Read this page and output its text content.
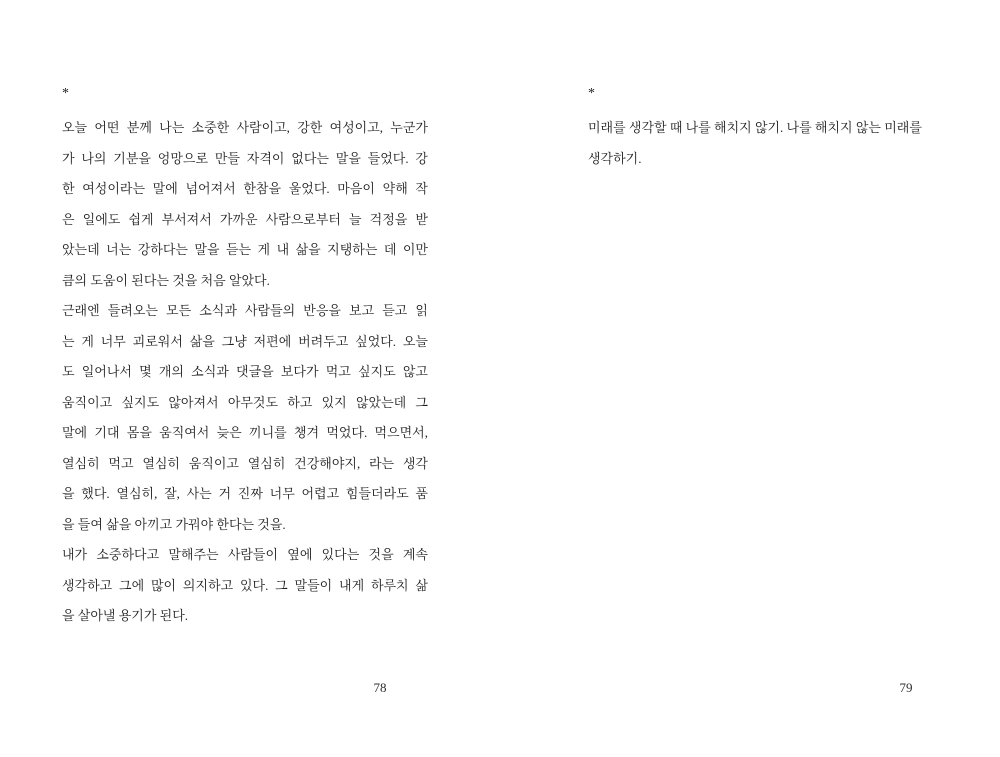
*
오늘 어떤 분께 나는 소중한 사람이고, 강한 여성이고, 누군가
가 나의 기분을 엉망으로 만들 자격이 없다는 말을 들었다. 강
한 여성이라는 말에 넘어져서 한참을 울었다. 마음이 약해 작
은 일에도 쉽게 부서져서 가까운 사람으로부터 늘 걱정을 받
았는데 너는 강하다는 말을 듣는 게 내 삶을 지탱하는 데 이만
큼의 도움이 된다는 것을 처음 알았다.
근래엔 들려오는 모든 소식과 사람들의 반응을 보고 듣고 읽
는 게 너무 괴로워서 삶을 그냥 저편에 버려두고 싶었다. 오늘
도 일어나서 몇 개의 소식과 댓글을 보다가 먹고 싶지도 않고
움직이고 싶지도 않아져서 아무것도 하고 있지 않았는데 그
말에 기대 몸을 움직여서 늦은 끼니를 챙겨 먹었다. 먹으면서,
열심히 먹고 열심히 움직이고 열심히 건강해야지, 라는 생각
을 했다. 열심히, 잘, 사는 거 진짜 너무 어렵고 힘들더라도 품
을 들여 삶을 아끼고 가꿔야 한다는 것을.
내가 소중하다고 말해주는 사람들이 옆에 있다는 것을 계속
생각하고 그에 많이 의지하고 있다. 그 말들이 내게 하루치 삶
을 살아낼 용기가 된다.
*
미래를 생각할 때 나를 해치지 않기. 나를 해치지 않는 미래를
생각하기.
78	79
